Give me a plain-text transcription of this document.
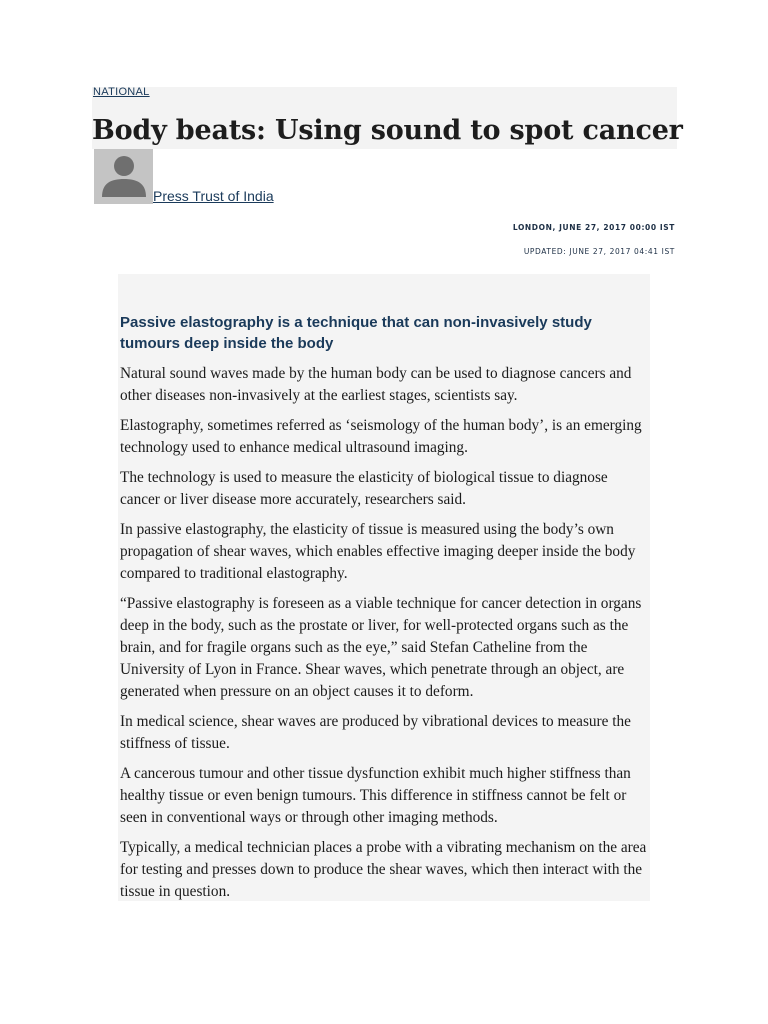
NATIONAL
Body beats: Using sound to spot cancer
Press Trust of India
LONDON, JUNE 27, 2017 00:00 IST
UPDATED: JUNE 27, 2017 04:41 IST
Passive elastography is a technique that can non-invasively study tumours deep inside the body

Natural sound waves made by the human body can be used to diagnose cancers and other diseases non-invasively at the earliest stages, scientists say.

Elastography, sometimes referred as ‘seismology of the human body’, is an emerging technology used to enhance medical ultrasound imaging.

The technology is used to measure the elasticity of biological tissue to diagnose cancer or liver disease more accurately, researchers said.

In passive elastography, the elasticity of tissue is measured using the body’s own propagation of shear waves, which enables effective imaging deeper inside the body compared to traditional elastography.

“Passive elastography is foreseen as a viable technique for cancer detection in organs deep in the body, such as the prostate or liver, for well-protected organs such as the brain, and for fragile organs such as the eye,” said Stefan Catheline from the University of Lyon in France. Shear waves, which penetrate through an object, are generated when pressure on an object causes it to deform.

In medical science, shear waves are produced by vibrational devices to measure the stiffness of tissue.

A cancerous tumour and other tissue dysfunction exhibit much higher stiffness than healthy tissue or even benign tumours. This difference in stiffness cannot be felt or seen in conventional ways or through other imaging methods.

Typically, a medical technician places a probe with a vibrating mechanism on the area for testing and presses down to produce the shear waves, which then interact with the tissue in question.
